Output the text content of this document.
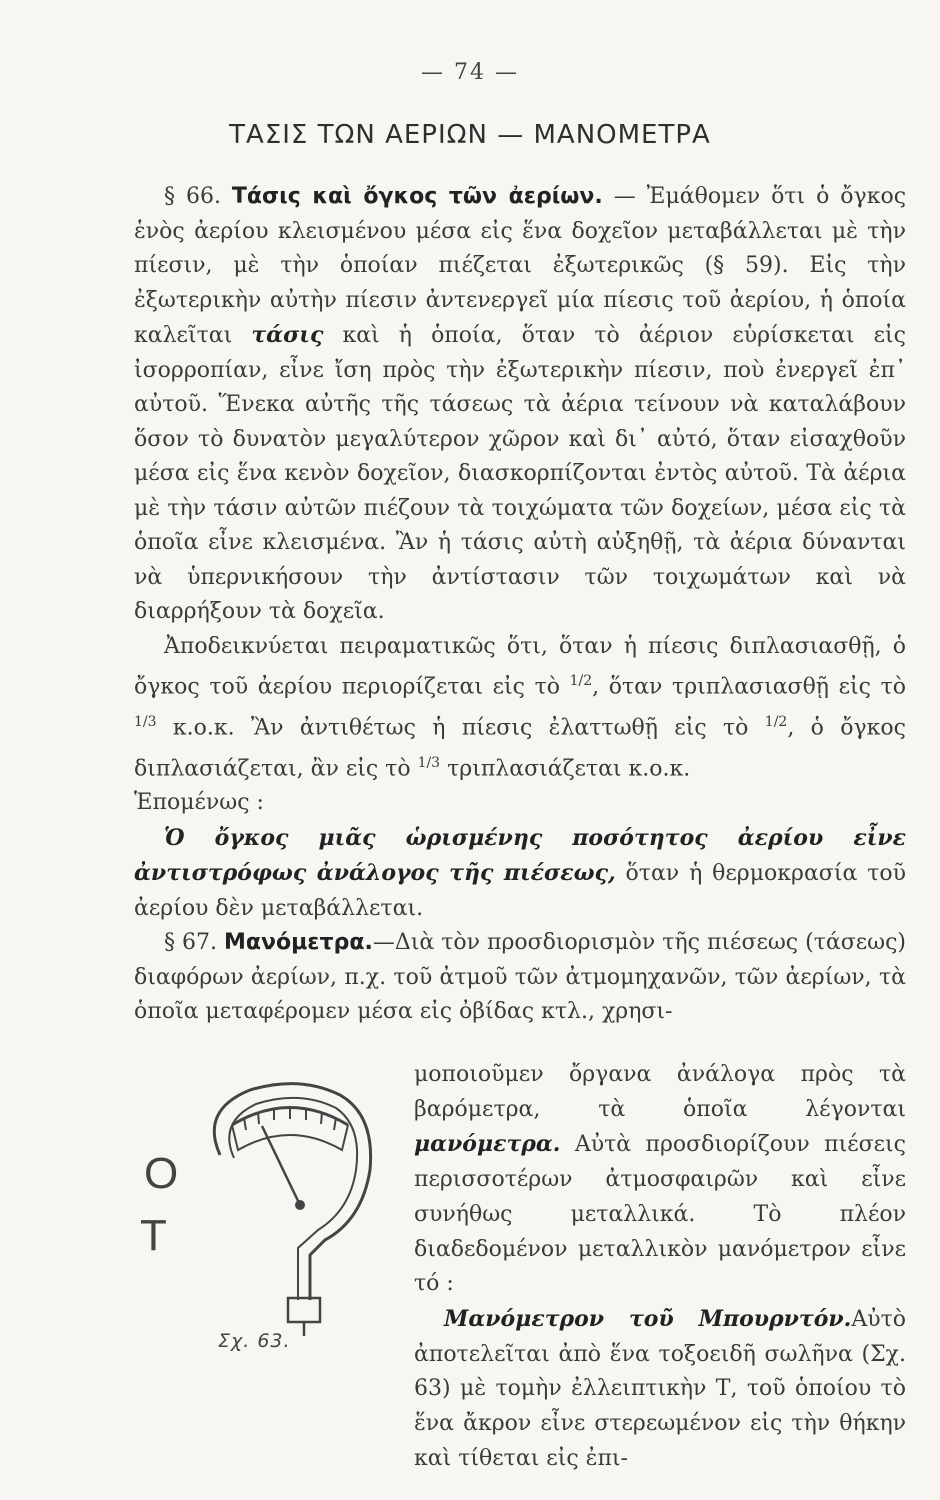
— 74 —
ΤΑΣΙΣ ΤΩΝ ΑΕΡΙΩΝ — ΜΑΝΟΜΕΤΡΑ

§ 66. Τάσις καὶ ὄγκος τῶν ἀερίων. — Ἐμάθομεν ὅτι ὁ ὄγκος ἑνὸς ἀερίου κλεισμένου μέσα εἰς ἕνα δοχεῖον μεταβάλλεται μὲ τὴν πίεσιν, μὲ τὴν ὁποίαν πιέζεται ἐξωτερικῶς (§ 59). Εἰς τὴν ἐξωτερικὴν αὐτὴν πίεσιν ἀντενεργεῖ μία πίεσις τοῦ ἀερίου, ἡ ὁποία καλεῖται τάσις καὶ ἡ ὁποία, ὅταν τὸ ἀέριον εὑρίσκεται εἰς ἰσορροπίαν, εἶνε ἴση πρὸς τὴν ἐξωτερικὴν πίεσιν, ποὺ ἐνεργεῖ ἐπ᾽ αὐτοῦ. Ἕνεκα αὐτῆς τῆς τάσεως τὰ ἀέρια τείνουν νὰ καταλάβουν ὅσον τὸ δυνατὸν μεγαλύτερον χῶρον καὶ δι᾽ αὐτό, ὅταν εἰσαχθοῦν μέσα εἰς ἕνα κενὸν δοχεῖον, διασκορπίζονται ἐντὸς αὐτοῦ. Τὰ ἀέρια μὲ τὴν τάσιν αὐτῶν πιέζουν τὰ τοιχώματα τῶν δοχείων, μέσα εἰς τὰ ὁποῖα εἶνε κλεισμένα. Ἂν ἡ τάσις αὐτὴ αὐξηθῇ, τὰ ἀέρια δύνανται νὰ ὑπερνικήσουν τὴν ἀντίστασιν τῶν τοιχωμάτων καὶ νὰ διαρρήξουν τὰ δοχεῖα.

Ἀποδεικνύεται πειραματικῶς ὅτι, ὅταν ἡ πίεσις διπλασιασθῇ, ὁ ὄγκος τοῦ ἀερίου περιορίζεται εἰς τὸ $^{1/2}$, ὅταν τριπλασιασθῇ εἰς τὸ $^{1/3}$ κ.ο.κ. Ἂν ἀντιθέτως ἡ πίεσις ἐλαττωθῇ εἰς τὸ $^{1/2}$, ὁ ὄγκος διπλασιάζεται, ἂν εἰς τὸ $^{1/3}$ τριπλασιάζεται κ.ο.κ.

Ἑπομένως :

Ὁ ὄγκος μιᾶς ὡρισμένης ποσότητος ἀερίου εἶνε ἀντιστρόφως ἀνάλογος τῆς πιέσεως, ὅταν ἡ θερμοκρασία τοῦ ἀερίου δὲν μεταβάλλεται.

§ 67. Μανόμετρα.—Διὰ τὸν προσδιορισμὸν τῆς πιέσεως (τάσεως) διαφόρων ἀερίων, π.χ. τοῦ ἀτμοῦ τῶν ἀτμομηχανῶν, τῶν ἀερίων, τὰ ὁποῖα μεταφέρομεν μέσα εἰς ὀβίδας κτλ., χρησι-

μοποιοῦμεν ὄργανα ἀνάλογα πρὸς τὰ βαρόμετρα, τὰ ὁποῖα λέγονται μανόμετρα. Αὐτὰ προσδιορίζουν πιέσεις περισσοτέρων ἀτμοσφαιρῶν καὶ εἶνε συνήθως μεταλλικά. Τὸ πλέον διαδεδομένον μεταλλικὸν μανόμετρον εἶνε τό :

Μανόμετρον τοῦ Μπουρντόν.Αὐτὸ ἀποτελεῖται ἀπὸ ἕνα τοξοειδῆ σωλῆνα (Σχ. 63) μὲ τομὴν ἐλλειπτικὴν Τ, τοῦ ὁποίου τὸ ἕνα ἄκρον εἶνε στερεωμένον εἰς τὴν θήκην καὶ τίθεται εἰς ἐπι-

O
T
Σχ. 63.
